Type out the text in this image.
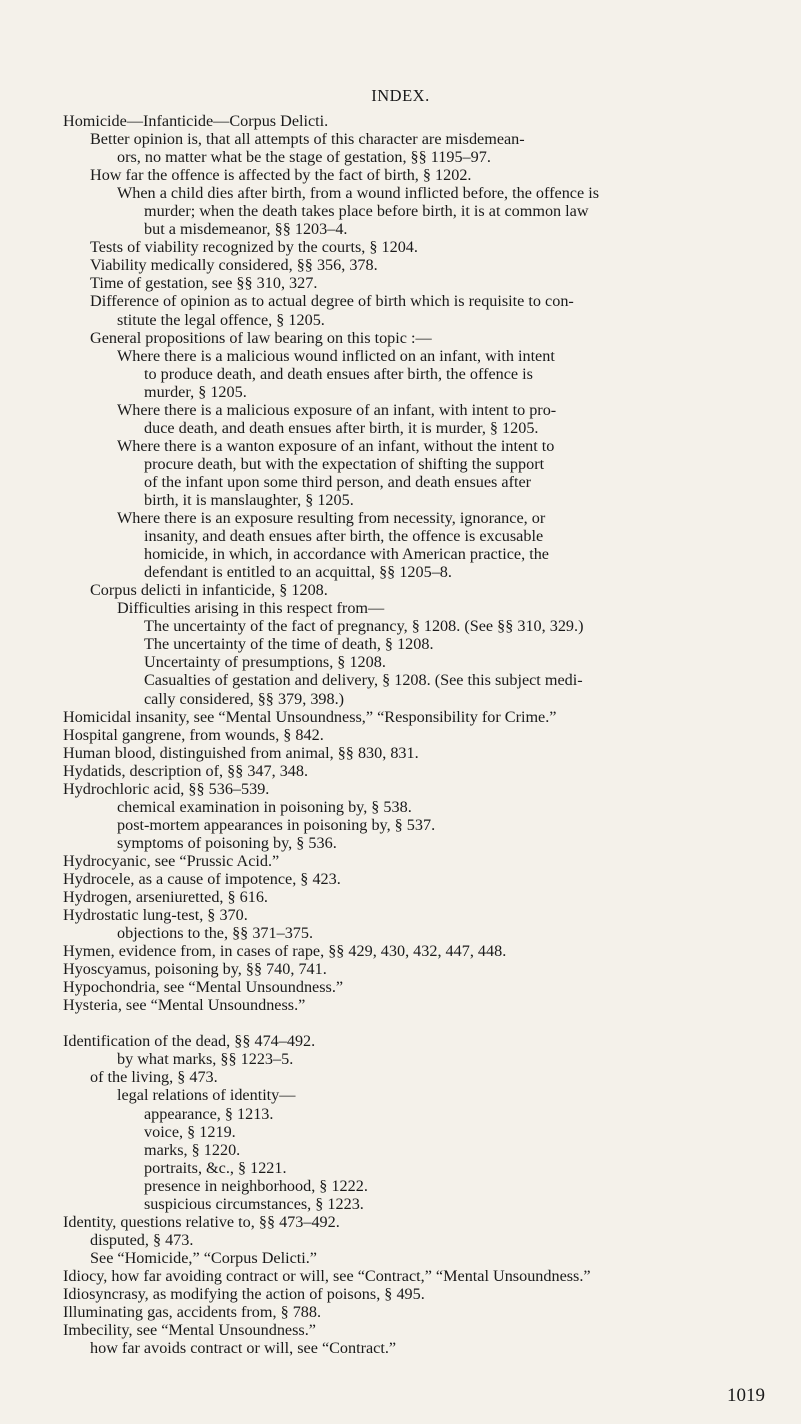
INDEX.
Homicide—Infanticide—Corpus Delicti.
Better opinion is, that all attempts of this character are misdemean-
ors, no matter what be the stage of gestation, §§ 1195–97.
How far the offence is affected by the fact of birth, § 1202.
When a child dies after birth, from a wound inflicted before, the offence is
murder; when the death takes place before birth, it is at common law
but a misdemeanor, §§ 1203–4.
Tests of viability recognized by the courts, § 1204.
Viability medically considered, §§ 356, 378.
Time of gestation, see §§ 310, 327.
Difference of opinion as to actual degree of birth which is requisite to con-
stitute the legal offence, § 1205.
General propositions of law bearing on this topic :—
Where there is a malicious wound inflicted on an infant, with intent
to produce death, and death ensues after birth, the offence is
murder, § 1205.
Where there is a malicious exposure of an infant, with intent to pro-
duce death, and death ensues after birth, it is murder, § 1205.
Where there is a wanton exposure of an infant, without the intent to
procure death, but with the expectation of shifting the support
of the infant upon some third person, and death ensues after
birth, it is manslaughter, § 1205.
Where there is an exposure resulting from necessity, ignorance, or
insanity, and death ensues after birth, the offence is excusable
homicide, in which, in accordance with American practice, the
defendant is entitled to an acquittal, §§ 1205–8.
Corpus delicti in infanticide, § 1208.
Difficulties arising in this respect from—
The uncertainty of the fact of pregnancy, § 1208. (See §§ 310, 329.)
The uncertainty of the time of death, § 1208.
Uncertainty of presumptions, § 1208.
Casualties of gestation and delivery, § 1208. (See this subject medi-
cally considered, §§ 379, 398.)
Homicidal insanity, see “Mental Unsoundness,” “Responsibility for Crime.”
Hospital gangrene, from wounds, § 842.
Human blood, distinguished from animal, §§ 830, 831.
Hydatids, description of, §§ 347, 348.
Hydrochloric acid, §§ 536–539.
chemical examination in poisoning by, § 538.
post-mortem appearances in poisoning by, § 537.
symptoms of poisoning by, § 536.
Hydrocyanic, see “Prussic Acid.”
Hydrocele, as a cause of impotence, § 423.
Hydrogen, arseniuretted, § 616.
Hydrostatic lung-test, § 370.
objections to the, §§ 371–375.
Hymen, evidence from, in cases of rape, §§ 429, 430, 432, 447, 448.
Hyoscyamus, poisoning by, §§ 740, 741.
Hypochondria, see “Mental Unsoundness.”
Hysteria, see “Mental Unsoundness.”
Identification of the dead, §§ 474–492.
by what marks, §§ 1223–5.
of the living, § 473.
legal relations of identity—
appearance, § 1213.
voice, § 1219.
marks, § 1220.
portraits, &c., § 1221.
presence in neighborhood, § 1222.
suspicious circumstances, § 1223.
Identity, questions relative to, §§ 473–492.
disputed, § 473.
See “Homicide,” “Corpus Delicti.”
Idiocy, how far avoiding contract or will, see “Contract,” “Mental Unsoundness.”
Idiosyncrasy, as modifying the action of poisons, § 495.
Illuminating gas, accidents from, § 788.
Imbecility, see “Mental Unsoundness.”
how far avoids contract or will, see “Contract.”
1019
